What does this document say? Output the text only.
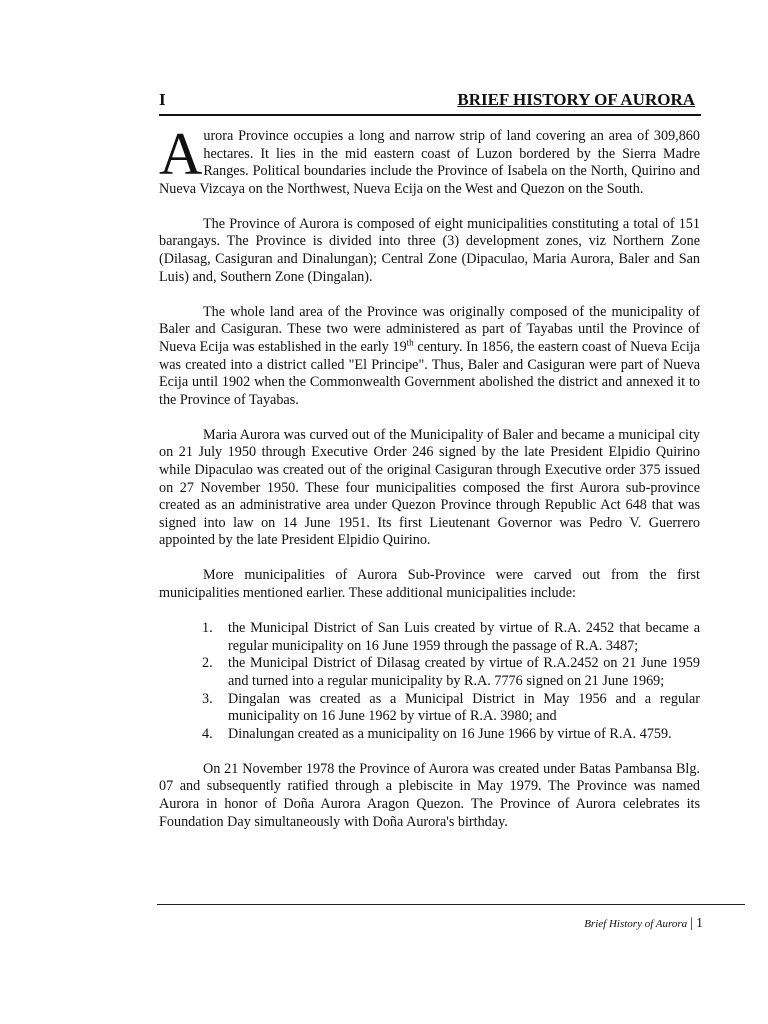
I	BRIEF HISTORY OF AURORA

Aurora Province occupies a long and narrow strip of land covering an area of 309,860 hectares. It lies in the mid eastern coast of Luzon bordered by the Sierra Madre Ranges. Political boundaries include the Province of Isabela on the North, Quirino and Nueva Vizcaya on the Northwest, Nueva Ecija on the West and Quezon on the South.

The Province of Aurora is composed of eight municipalities constituting a total of 151 barangays. The Province is divided into three (3) development zones, viz Northern Zone (Dilasag, Casiguran and Dinalungan); Central Zone (Dipaculao, Maria Aurora, Baler and San Luis) and, Southern Zone (Dingalan).

The whole land area of the Province was originally composed of the municipality of Baler and Casiguran. These two were administered as part of Tayabas until the Province of Nueva Ecija was established in the early 19th century. In 1856, the eastern coast of Nueva Ecija was created into a district called "El Principe". Thus, Baler and Casiguran were part of Nueva Ecija until 1902 when the Commonwealth Government abolished the district and annexed it to the Province of Tayabas.

Maria Aurora was curved out of the Municipality of Baler and became a municipal city on 21 July 1950 through Executive Order 246 signed by the late President Elpidio Quirino while Dipaculao was created out of the original Casiguran through Executive order 375 issued on 27 November 1950. These four municipalities composed the first Aurora sub-province created as an administrative area under Quezon Province through Republic Act 648 that was signed into law on 14 June 1951. Its first Lieutenant Governor was Pedro V. Guerrero appointed by the late President Elpidio Quirino.

More municipalities of Aurora Sub-Province were carved out from the first municipalities mentioned earlier. These additional municipalities include:

1. the Municipal District of San Luis created by virtue of R.A. 2452 that became a regular municipality on 16 June 1959 through the passage of R.A. 3487;
2. the Municipal District of Dilasag created by virtue of R.A.2452 on 21 June 1959 and turned into a regular municipality by R.A. 7776 signed on 21 June 1969;
3. Dingalan was created as a Municipal District in May 1956 and a regular municipality on 16 June 1962 by virtue of R.A. 3980; and
4. Dinalungan created as a municipality on 16 June 1966 by virtue of R.A. 4759.

On 21 November 1978 the Province of Aurora was created under Batas Pambansa Blg. 07 and subsequently ratified through a plebiscite in May 1979. The Province was named Aurora in honor of Doña Aurora Aragon Quezon. The Province of Aurora celebrates its Foundation Day simultaneously with Doña Aurora's birthday.

Brief History of Aurora | 1
